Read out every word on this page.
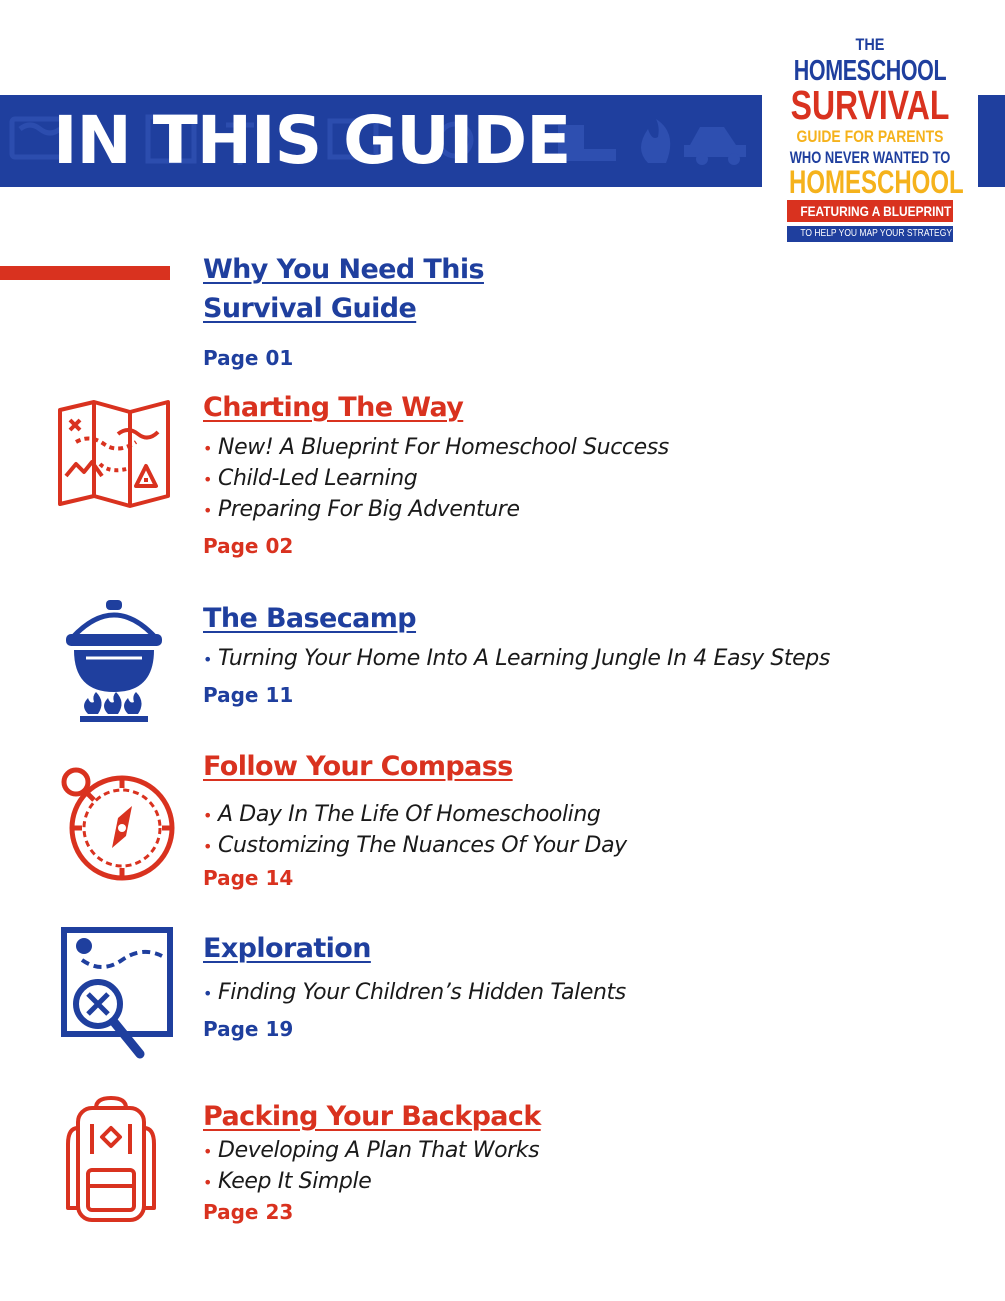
IN THIS GUIDE
THE
HOMESCHOOL
SURVIVAL
GUIDE FOR PARENTS
WHO NEVER WANTED TO
HOMESCHOOL
FEATURING A BLUEPRINT
TO HELP YOU MAP YOUR STRATEGY
Why You Need This
Survival Guide
Page 01
Charting The Way
• New! A Blueprint For Homeschool Success
• Child-Led Learning
• Preparing For Big Adventure
Page 02
The Basecamp
• Turning Your Home Into A Learning Jungle In 4 Easy Steps
Page 11
Follow Your Compass
• A Day In The Life Of Homeschooling
• Customizing The Nuances Of Your Day
Page 14
Exploration
• Finding Your Children’s Hidden Talents
Page 19
Packing Your Backpack
• Developing A Plan That Works
• Keep It Simple
Page 23
